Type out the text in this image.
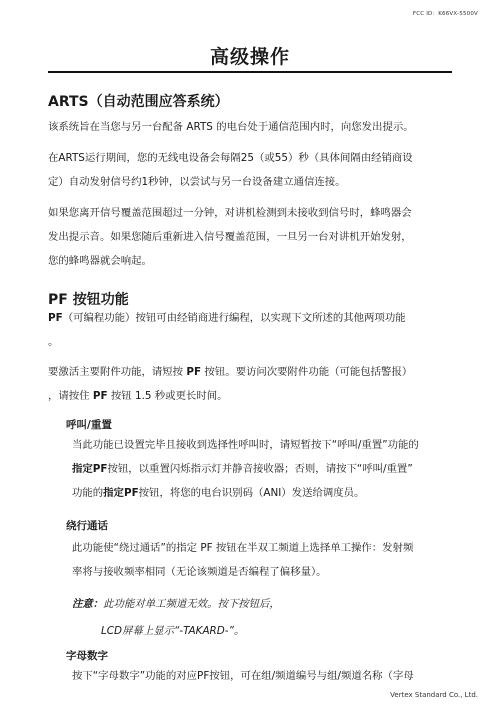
FCC ID：K66VX-5500V
高级操作
ARTS（自动范围应答系统）
该系统旨在当您与另一台配备 ARTS 的电台处于通信范围内时，向您发出提示。
在ARTS运行期间，您的无线电设备会每隔25（或55）秒（具体间隔由经销商设
定）自动发射信号约1秒钟，以尝试与另一台设备建立通信连接。
如果您离开信号覆盖范围超过一分钟，对讲机检测到未接收到信号时，蜂鸣器会
发出提示音。如果您随后重新进入信号覆盖范围，一旦另一台对讲机开始发射，
您的蜂鸣器就会响起。
PF 按钮功能
PF（可编程功能）按钮可由经销商进行编程，以实现下文所述的其他两项功能
。
要激活主要附件功能，请短按 PF 按钮。要访问次要附件功能（可能包括警报）
，请按住 PF 按钮 1.5 秒或更长时间。
呼叫/重置
当此功能已设置完毕且接收到选择性呼叫时，请短暂按下“呼叫/重置”功能的
指定PF按钮，以重置闪烁指示灯并静音接收器；否则，请按下“呼叫/重置”
功能的指定PF按钮，将您的电台识别码（ANI）发送给调度员。
绕行通话
此功能使“绕过通话”的指定 PF 按钮在半双工频道上选择单工操作：发射频
率将与接收频率相同（无论该频道是否编程了偏移量）。
注意：此功能对单工频道无效。按下按钮后，
LCD屏幕上显示“-TAKARD-”。
字母数字
按下“字母数字”功能的对应PF按钮，可在组/频道编号与组/频道名称（字母
Vertex Standard Co., Ltd.
